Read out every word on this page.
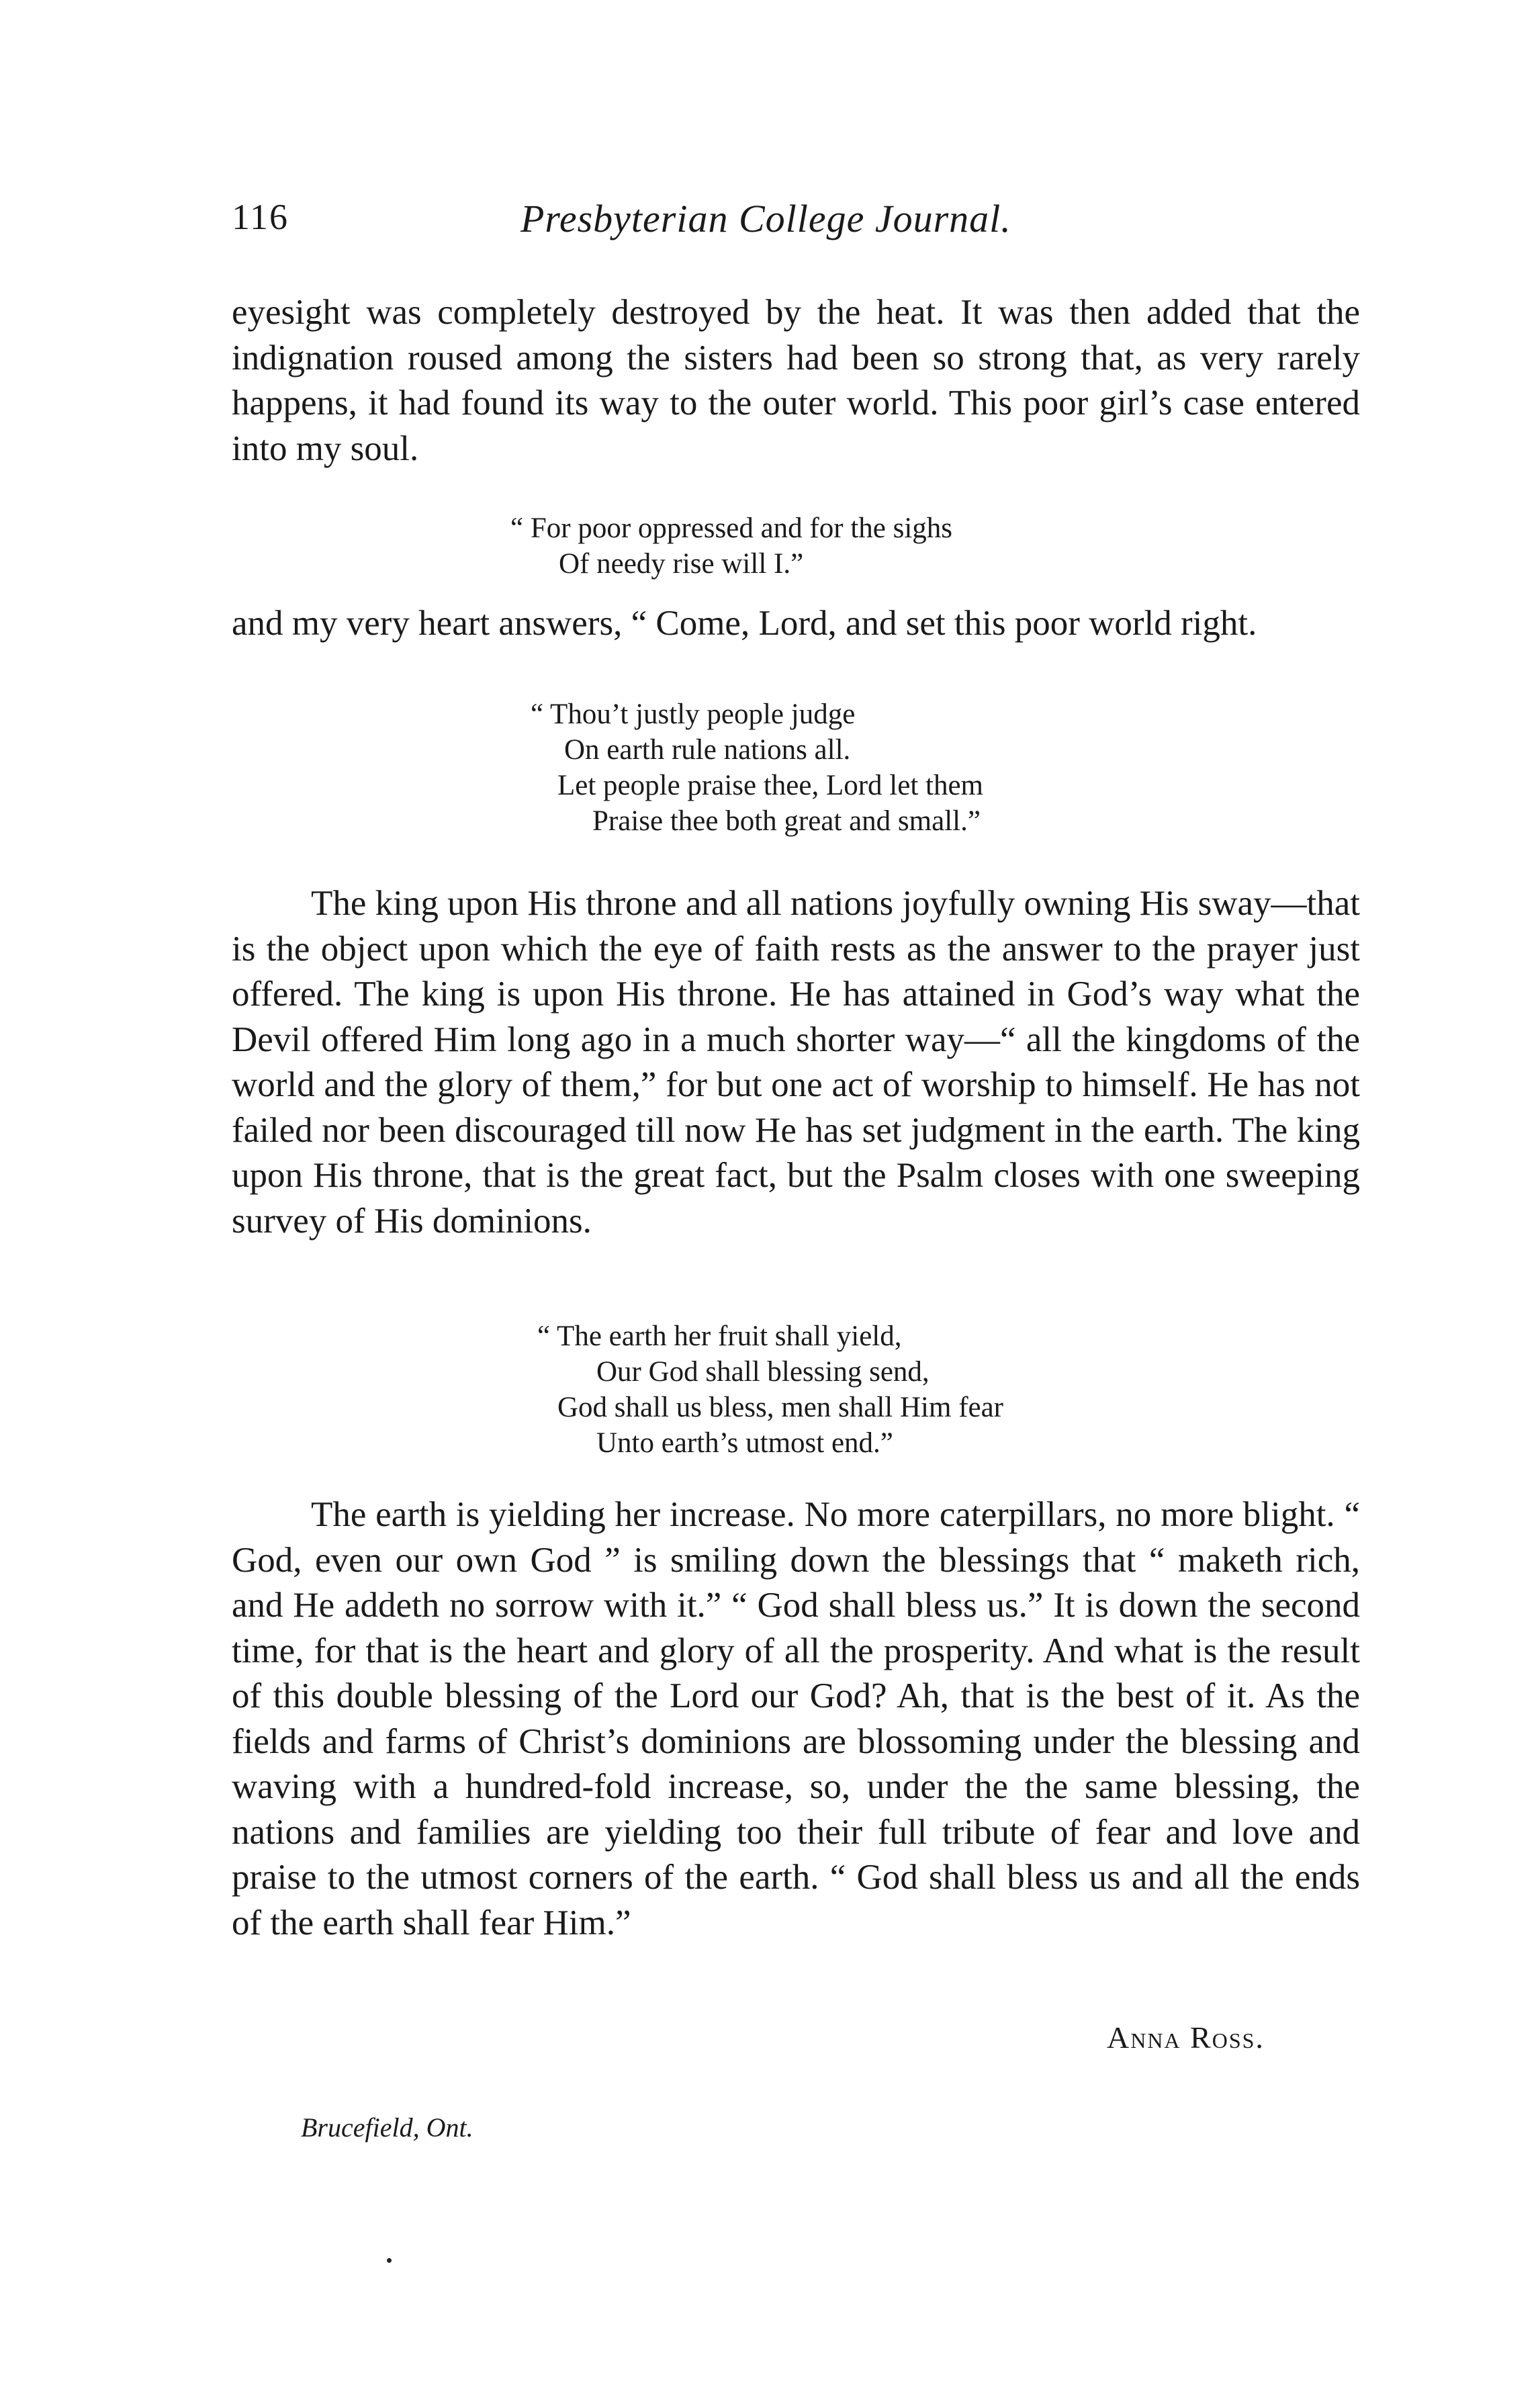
116	Presbyterian College Journal.

eyesight was completely destroyed by the heat. It was then added that the indignation roused among the sisters had been so strong that, as very rarely happens, it had found its way to the outer world. This poor girl’s case entered into my soul.

“ For poor oppressed and for the sighs
Of needy rise will I.”

and my very heart answers, “ Come, Lord, and set this poor world right.

“ Thou’t justly people judge
On earth rule nations all.
Let people praise thee, Lord let them
Praise thee both great and small.”

The king upon His throne and all nations joyfully owning His sway—that is the object upon which the eye of faith rests as the answer to the prayer just offered. The king is upon His throne. He has attained in God’s way what the Devil offered Him long ago in a much shorter way—“ all the kingdoms of the world and the glory of them,” for but one act of worship to himself. He has not failed nor been discouraged till now He has set judgment in the earth. The king upon His throne, that is the great fact, but the Psalm closes with one sweeping survey of His dominions.

“ The earth her fruit shall yield,
Our God shall blessing send,
God shall us bless, men shall Him fear
Unto earth’s utmost end.”

The earth is yielding her increase. No more caterpillars, no more blight. “ God, even our own God ” is smiling down the blessings that “ maketh rich, and He addeth no sorrow with it.” “ God shall bless us.” It is down the second time, for that is the heart and glory of all the prosperity. And what is the result of this double blessing of the Lord our God? Ah, that is the best of it. As the fields and farms of Christ’s dominions are blossoming under the blessing and waving with a hundred-fold increase, so, under the the same blessing, the nations and families are yielding too their full tribute of fear and love and praise to the utmost corners of the earth. “ God shall bless us and all the ends of the earth shall fear Him.”

Anna Ross.
Brucefield, Ont.
